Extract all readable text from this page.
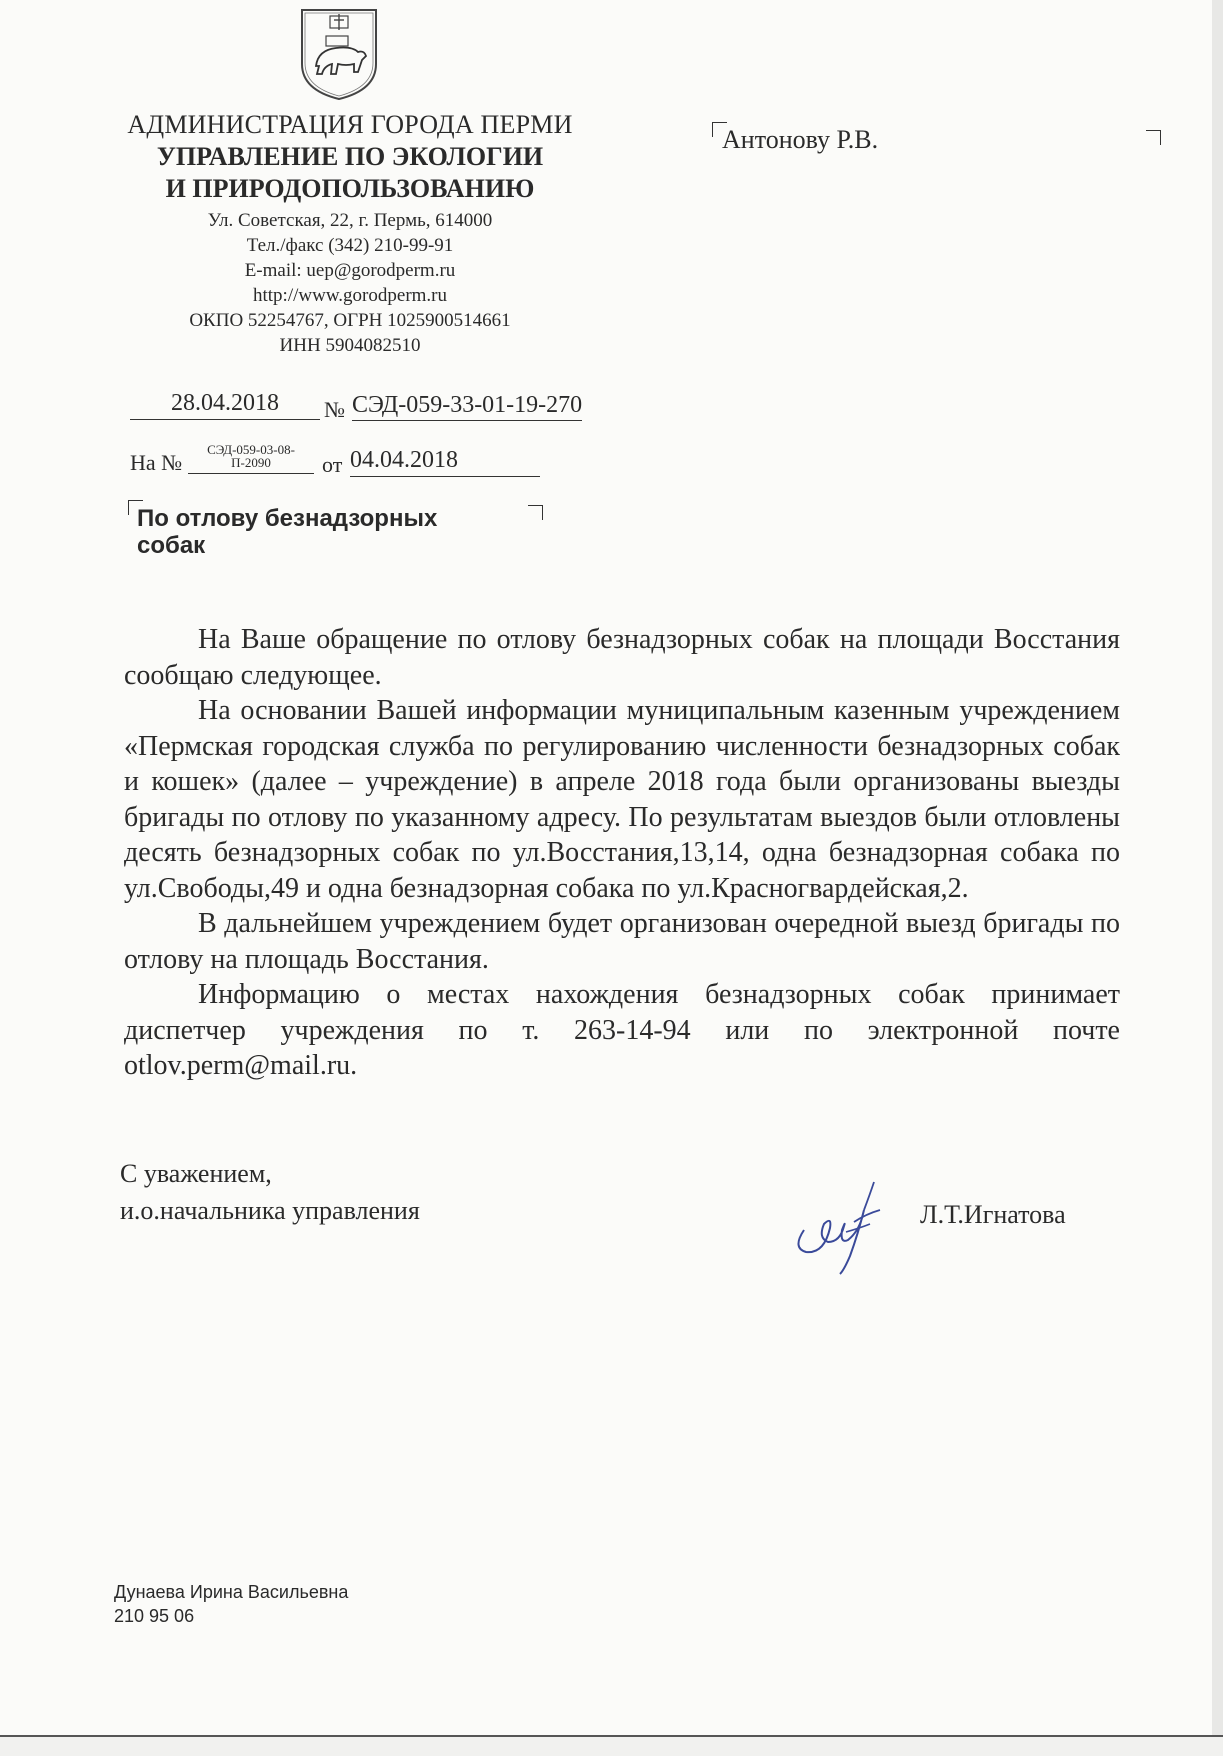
АДМИНИСТРАЦИЯ ГОРОДА ПЕРМИ
УПРАВЛЕНИЕ ПО ЭКОЛОГИИ
И ПРИРОДОПОЛЬЗОВАНИЮ
Ул. Советская, 22, г. Пермь, 614000
Тел./факс (342) 210-99-91
E-mail: uep@gorodperm.ru
http://www.gorodperm.ru
ОКПО 52254767, ОГРН 1025900514661
ИНН 5904082510
Антонову Р.В.
28.04.2018	№ СЭД-059-33-01-19-270
На №
СЭД-059-03-08-
П-2090	от 04.04.2018
По отлову безнадзорных
собак

На Ваше обращение по отлову безнадзорных собак на площади Восстания сообщаю следующее.

На основании Вашей информации муниципальным казенным учреждением «Пермская городская служба по регулированию численности безнадзорных собак и кошек» (далее – учреждение) в апреле 2018 года были организованы выезды бригады по отлову по указанному адресу. По результатам выездов были отловлены десять безнадзорных собак по ул.Восстания,13,14, одна безнадзорная собака по ул.Свободы,49 и одна безнадзорная собака по ул.Красногвардейская,2.

В дальнейшем учреждением будет организован очередной выезд бригады по отлову на площадь Восстания.

Информацию о местах нахождения безнадзорных собак принимает диспетчер учреждения по т. 263-14-94 или по электронной почте otlov.perm@mail.ru.

С уважением,
и.о.начальника управления	Л.Т.Игнатова
Дунаева Ирина Васильевна
210 95 06
